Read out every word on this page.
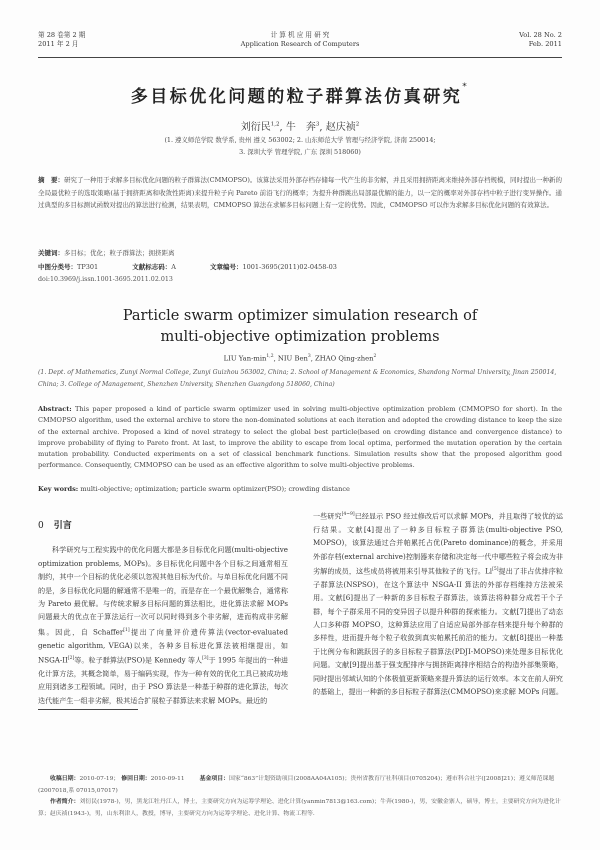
第 28 卷第 2 期
2011 年 2 月
计 算 机 应 用 研 究
Application Research of Computers
Vol. 28 No. 2
Feb. 2011
多目标优化问题的粒子群算法仿真研究*
刘衍民$^{1,2}$, 牛　奔$^3$, 赵庆祯$^2$
(1. 遵义师范学院 数学系, 贵州 遵义 563002; 2. 山东师范大学 管理与经济学院, 济南 250014;
3. 深圳大学 管理学院, 广东 深圳 518060)
摘　要：研究了一种用于求解多目标优化问题的粒子群算法(CMMOPSO)。该算法采用外部存档存储每一代产生的非劣解，并且采用拥挤距离来维持外部存档规模，同时提出一种新的全局最优粒子的选取策略(基于拥挤距离和收敛性距离)来提升粒子向 Pareto 前沿飞行的概率；为提升种群跳出局部最优解的能力，以一定的概率对外部存档中粒子进行变异操作。通过典型的多目标测试函数对提出的算法进行检测，结果表明，CMMOPSO 算法在求解多目标问题上有一定的优势。因此，CMMOPSO 可以作为求解多目标优化问题的有效算法。
关键词：多目标；优化；粒子群算法；拥挤距离
中图分类号：TP301	文献标志码：A	文章编号：1001-3695(2011)02-0458-03
doi:10.3969/j.issn.1001-3695.2011.02.013
Particle swarm optimizer simulation research of
multi-objective optimization problems
LIU Yan-$\min^{1,2}$, NIU Ben$^3$, ZHAO Qing-zhen$^2$
(1. Dept. of Mathematics, Zunyi Normal College, Zunyi Guizhou 563002, China; 2. School of Management & Economics, Shandong Normal University, Jinan 250014, China; 3. College of Management, Shenzhen University, Shenzhen Guangdong 518060, China)
Abstract: This paper proposed a kind of particle swarm optimizer used in solving multi-objective optimization problem (CMMOPSO for short). In the CMMOPSO algorithm, used the external archive to store the non-dominated solutions at each iteration and adopted the crowding distance to keep the size of the external archive. Proposed a kind of novel strategy to select the global best particle(based on crowding distance and convergence distance) to improve probability of flying to Pareto front. At last, to improve the ability to escape from local optima, performed the mutation operation by the certain mutation probability. Conducted experiments on a set of classical benchmark functions. Simulation results show that the proposed algorithm good performance. Consequently, CMMOPSO can be used as an effective algorithm to solve multi-objective problems.
Key words: multi-objective; optimization; particle swarm optimizer(PSO); crowding distance
0 引言

科学研究与工程实践中的优化问题大都是多目标优化问题(multi-objective optimization problems, MOPs)。多目标优化问题中各个目标之间通常相互制约，其中一个目标的优化必须以忽视其他目标为代价。与单目标优化问题不同的是，多目标优化问题的解通常不是唯一的，而是存在一个最优解集合，通常称为 Pareto 最优解。与传统求解多目标问题的算法相比，进化算法求解 MOPs 问题最大的优点在于算法运行一次可以同时得到多个非劣解，进而构成非劣解集。因此，自 Schaffer[1]提出了向量评价遗传算法(vector-evaluated genetic algorithm, VEGA)以来，各种多目标进化算法被相继提出，如 NSGA-II[2]等。粒子群算法(PSO)是 Kennedy 等人[3]于 1995 年提出的一种进化计算方法，其概念简单，易于编码实现，作为一种有效的优化工具已被成功地应用到诸多工程领域。同时，由于 PSO 算法是一种基于种群的进化算法，每次迭代能产生一组非劣解，极其适合扩展粒子群算法来求解 MOPs。最近的

一些研究[4~9]已经显示 PSO 经过修改后可以求解 MOPs，并且取得了较优的运行结果。文献[4]提出了一种多目标粒子群算法(multi-objective PSO, MOPSO)，该算法通过合并帕累托占优(Pareto dominance)的概念，并采用外部存档(external archive)控制器来存储和决定每一代中哪些粒子将会成为非劣解的成员，这些成员将被用来引导其他粒子的飞行。Li[5]提出了非占优排序粒子群算法(NSPSO)，在这个算法中 NSGA-II 算法的外部存档维持方法被采用。文献[6]提出了一种新的多目标粒子群算法，该算法将种群分成若干个子群，每个子群采用不同的变异因子以提升种群的探索能力。文献[7]提出了动态人口多种群 MOPSO，这种算法应用了自适应局部外部存档来提升每个种群的多样性，进而提升每个粒子收敛到真实帕累托前沿的能力。文献[8]提出一种基于比例分布和跳跃因子的多目标粒子群算法(PDJI-MOPSO)来处理多目标优化问题。文献[9]提出基于强支配排序与拥挤距离排序相结合的构造外部集策略，同时提出邻域认知的个体极值更新策略来提升算法的运行效率。本文在前人研究的基础上，提出一种新的多目标粒子群算法(CMMOPSO)来求解 MOPs 问题。

收稿日期：2010-07-19； 修回日期：2010-09-11	基金项目：国家“863”计划资助项目(2008AA04A105)；贵州省教育厅社科项目(0705204)；遵市科合社字([2008]21)；遵义师范课题(2007018,系 07015,07017)

作者简介：刘衍民(1978-)，男，黑龙江牡丹江人，博士，主要研究方向为运筹学理论、进化计算(yanmin7813@163.com)；牛奔(1980-)，男，安徽金寨人，硕导，博士，主要研究方向为进化计算；赵庆祯(1943-)，男，山东利津人，教授，博导，主要研究方向为运筹学理论、进化计算、物流工程等.
